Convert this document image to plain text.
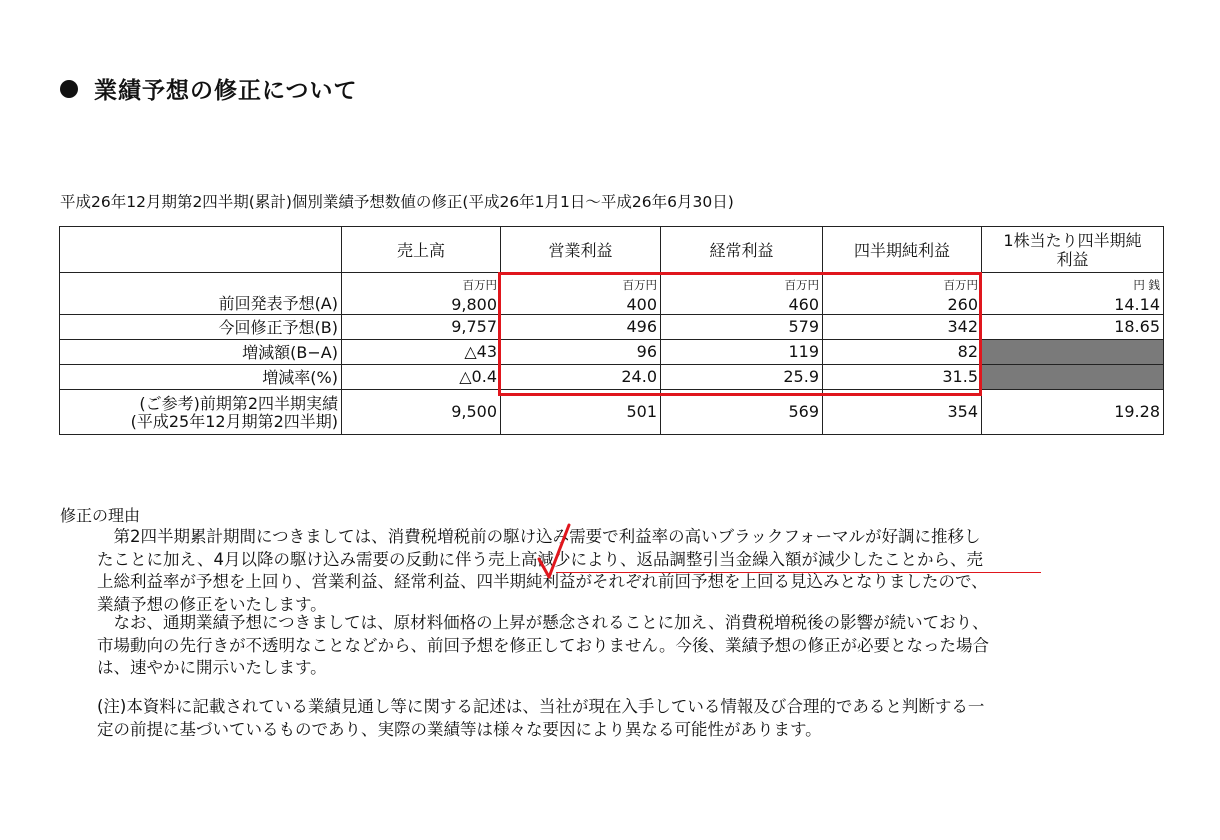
業績予想の修正について
平成26年12月期第2四半期(累計)個別業績予想数値の修正(平成26年1月1日～平成26年6月30日)
	売上高	営業利益	経常利益	四半期純利益	1株当たり四半期純
利益
	百万円	百万円	百万円	百万円	円 銭
前回発表予想(A)	9,800	400	460	260	14.14
今回修正予想(B)	9,757	496	579	342	18.65
増減額(B−A)	△43	96	119	82	
増減率(%)	△0.4	24.0	25.9	31.5	
(ご参考)前期第2四半期実績
(平成25年12月期第2四半期)	9,500	501	569	354	19.28
修正の理由
　第2四半期累計期間につきましては、消費税増税前の駆け込み需要で利益率の高いブラックフォーマルが好調に推移し
たことに加え、4月以降の駆け込み需要の反動に伴う売上高減少により、返品調整引当金繰入額が減少したことから、売
上総利益率が予想を上回り、営業利益、経常利益、四半期純利益がそれぞれ前回予想を上回る見込みとなりましたので、
業績予想の修正をいたします。
　なお、通期業績予想につきましては、原材料価格の上昇が懸念されることに加え、消費税増税後の影響が続いており、
市場動向の先行きが不透明なことなどから、前回予想を修正しておりません。今後、業績予想の修正が必要となった場合
は、速やかに開示いたします。
(注)本資料に記載されている業績見通し等に関する記述は、当社が現在入手している情報及び合理的であると判断する一
定の前提に基づいているものであり、実際の業績等は様々な要因により異なる可能性があります。
